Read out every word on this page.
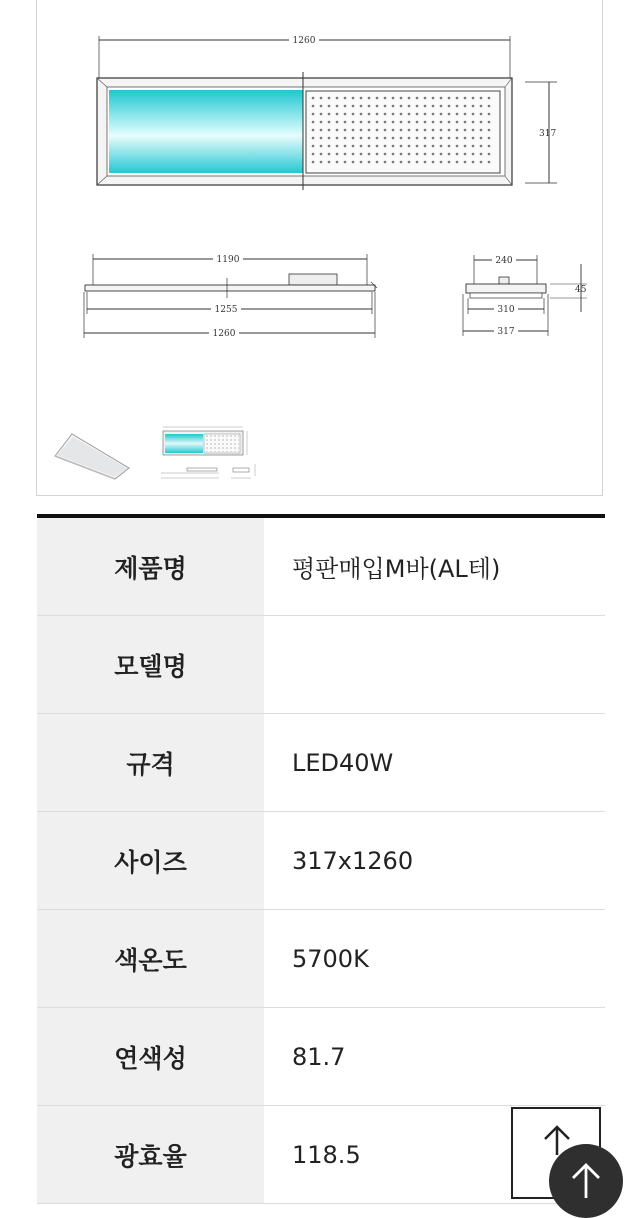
1260
317
1190
1255
1260
240
45
310
317
제품명	평판매입M바(AL테)
모델명
규격	LED40W
사이즈	317x1260
색온도	5700K
연색성	81.7
광효율	118.5
